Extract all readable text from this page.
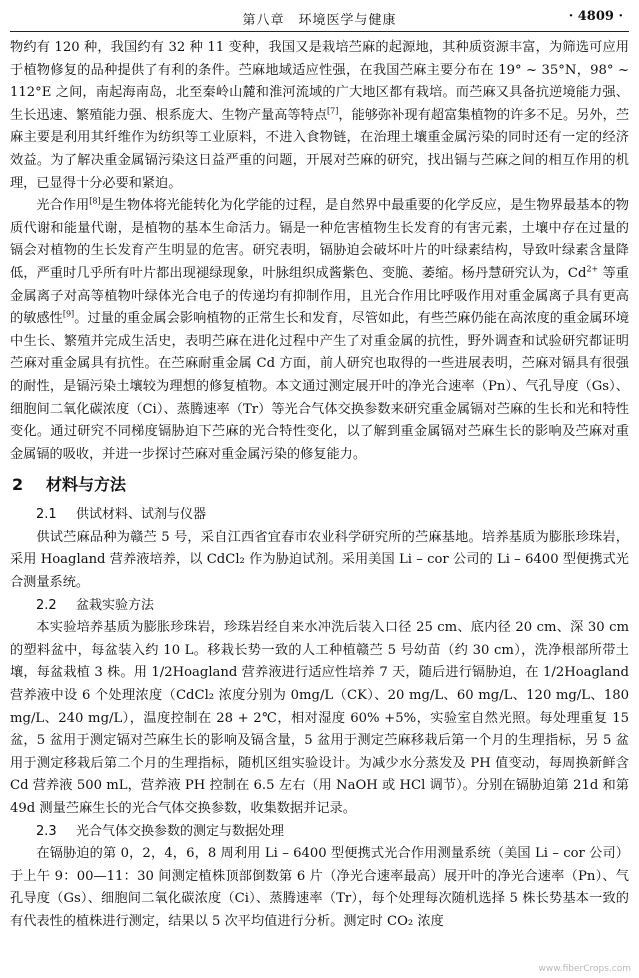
第八章　环境医学与健康	· 4809 ·

物约有 120 种，我国约有 32 种 11 变种，我国又是栽培苎麻的起源地，其种质资源丰富，为筛选可应用于植物修复的品种提供了有利的条件。苎麻地域适应性强，在我国苎麻主要分布在 19° ~ 35°N，98° ~ 112°E 之间，南起海南岛，北至秦岭山麓和淮河流域的广大地区都有栽培。而苎麻又具备抗逆境能力强、生长迅速、繁殖能力强、根系庞大、生物产量高等特点[7]，能够弥补现有超富集植物的许多不足。另外，苎麻主要是利用其纤维作为纺织等工业原料，不进入食物链，在治理土壤重金属污染的同时还有一定的经济效益。为了解决重金属镉污染这日益严重的问题，开展对苎麻的研究，找出镉与苎麻之间的相互作用的机理，已显得十分必要和紧迫。

光合作用[8]是生物体将光能转化为化学能的过程，是自然界中最重要的化学反应，是生物界最基本的物质代谢和能量代谢，是植物的基本生命活力。镉是一种危害植物生长发育的有害元素，土壤中存在过量的镉会对植物的生长发育产生明显的危害。研究表明，镉胁迫会破坏叶片的叶绿素结构，导致叶绿素含量降低，严重时几乎所有叶片都出现褪绿现象，叶脉组织成酱紫色、变脆、萎缩。杨丹慧研究认为，$Cd^{2+}$ 等重金属离子对高等植物叶绿体光合电子的传递均有抑制作用，且光合作用比呼吸作用对重金属离子具有更高的敏感性[9]。过量的重金属会影响植物的正常生长和发育，尽管如此，有些苎麻仍能在高浓度的重金属环境中生长、繁殖并完成生活史，表明苎麻在进化过程中产生了对重金属的抗性，野外调查和试验研究都证明苎麻对重金属具有抗性。在苎麻耐重金属 Cd 方面，前人研究也取得的一些进展表明，苎麻对镉具有很强的耐性，是镉污染土壤较为理想的修复植物。本文通过测定展开叶的净光合速率（Pn）、气孔导度（Gs）、细胞间二氧化碳浓度（Ci）、蒸腾速率（Tr）等光合气体交换参数来研究重金属镉对苎麻的生长和光和特性变化。通过研究不同梯度镉胁迫下苎麻的光合特性变化，以了解到重金属镉对苎麻生长的影响及苎麻对重金属镉的吸收，并进一步探讨苎麻对重金属污染的修复能力。

2 材料与方法
2.1 供试材料、试剂与仪器

供试苎麻品种为赣苎 5 号，采自江西省宜春市农业科学研究所的苎麻基地。培养基质为膨胀珍珠岩，采用 Hoagland 营养液培养，以 CdCl₂ 作为胁迫试剂。采用美国 Li – cor 公司的 Li – 6400 型便携式光合测量系统。

2.2 盆栽实验方法

本实验培养基质为膨胀珍珠岩，珍珠岩经自来水冲洗后装入口径 25 cm、底内径 20 cm、深 30 cm 的塑料盆中，每盆装入约 10 L。移栽长势一致的人工种植赣苎 5 号幼苗（约 30 cm），洗净根部所带土壤，每盆栽植 3 株。用 1/2Hoagland 营养液进行适应性培养 7 天，随后进行镉胁迫，在 1/2Hoagland 营养液中设 6 个处理浓度（CdCl₂ 浓度分别为 0mg/L（CK）、20 mg/L、60 mg/L、120 mg/L、180 mg/L、240 mg/L），温度控制在 28 + 2℃，相对湿度 60% +5%，实验室自然光照。每处理重复 15 盆，5 盆用于测定镉对苎麻生长的影响及镉含量，5 盆用于测定苎麻移栽后第一个月的生理指标，另 5 盆用于测定移栽后第二个月的生理指标，随机区组实验设计。为减少水分蒸发及 PH 值变动，每周换新鲜含 Cd 营养液 500 mL，营养液 PH 控制在 6.5 左右（用 NaOH 或 HCl 调节）。分别在镉胁迫第 21d 和第 49d 测量苎麻生长的光合气体交换参数，收集数据并记录。

2.3 光合气体交换参数的测定与数据处理

在镉胁迫的第 0，2，4，6，8 周利用 Li – 6400 型便携式光合作用测量系统（美国 Li – cor 公司）于上午 9：00—11：30 间测定植株顶部倒数第 6 片（净光合速率最高）展开叶的净光合速率（Pn）、气孔导度（Gs）、细胞间二氧化碳浓度（Ci）、蒸腾速率（Tr），每个处理每次随机选择 5 株长势基本一致的有代表性的植株进行测定，结果以 5 次平均值进行分析。测定时 CO₂ 浓度

www.fiberCrops.com
